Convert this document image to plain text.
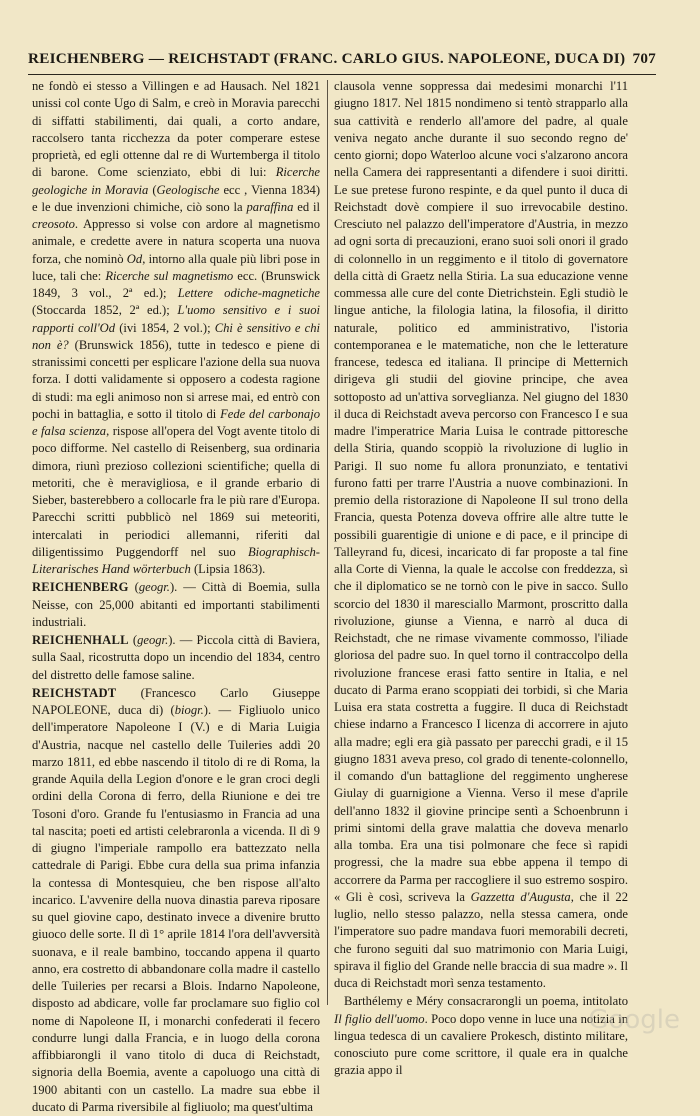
REICHENBERG — REICHSTADT (FRANC. CARLO GIUS. NAPOLEONE, DUCA DI) 707

ne fondò ei stesso a Villingen e ad Hausach. Nel 1821 unissi col conte Ugo di Salm, e creò in Moravia parecchi di siffatti stabilimenti, dai quali, a corto andare, raccolsero tanta ricchezza da poter comperare estese proprietà, ed egli ottenne dal re di Wurtemberga il titolo di barone. Come scienziato, ebbi di lui: Ricerche geologiche in Moravia (Geologische ecc , Vienna 1834) e le due invenzioni chimiche, ciò sono la paraffina ed il creosoto. Appresso si volse con ardore al magnetismo animale, e credette avere in natura scoperta una nuova forza, che nominò Od, intorno alla quale più libri pose in luce, tali che: Ricerche sul magnetismo ecc. (Brunswick 1849, 3 vol., 2ª ed.); Lettere odiche-magnetiche (Stoccarda 1852, 2ª ed.); L'uomo sensitivo e i suoi rapporti coll'Od (ivi 1854, 2 vol.); Chi è sensitivo e chi non è? (Brunswick 1856), tutte in tedesco e piene di stranissimi concetti per esplicare l'azione della sua nuova forza. I dotti validamente si opposero a codesta ragione di studi: ma egli animoso non si arrese mai, ed entrò con pochi in battaglia, e sotto il titolo di Fede del carbonajo e falsa scienza, rispose all'opera del Vogt avente titolo di poco difforme. Nel castello di Reisenberg, sua ordinaria dimora, riunì prezioso collezioni scientifiche; quella di metoriti, che è meravigliosa, e il grande erbario di Sieber, basterebbero a collocarle fra le più rare d'Europa. Parecchi scritti pubblicò nel 1869 sui meteoriti, intercalati in periodici allemanni, riferiti dal diligentissimo Puggendorff nel suo Biographisch-Literarisches Hand wörterbuch (Lipsia 1863).

REICHENBERG (geogr.). — Città di Boemia, sulla Neisse, con 25,000 abitanti ed importanti stabilimenti industriali.

REICHENHALL (geogr.). — Piccola città di Baviera, sulla Saal, ricostrutta dopo un incendio del 1834, centro del distretto delle famose saline.

REICHSTADT (Francesco Carlo Giuseppe NAPOLEONE, duca di) (biogr.). — Figliuolo unico dell'imperatore Napoleone I (V.) e di Maria Luigia d'Austria, nacque nel castello delle Tuileries addì 20 marzo 1811, ed ebbe nascendo il titolo di re di Roma, la grande Aquila della Legion d'onore e le gran croci degli ordini della Corona di ferro, della Riunione e dei tre Tosoni d'oro. Grande fu l'entusiasmo in Francia ad una tal nascita; poeti ed artisti celebraronla a vicenda. Il dì 9 di giugno l'imperiale rampollo era battezzato nella cattedrale di Parigi. Ebbe cura della sua prima infanzia la contessa di Montesquieu, che ben rispose all'alto incarico. L'avvenire della nuova dinastia pareva riposare su quel giovine capo, destinato invece a divenire brutto giuoco delle sorte. Il dì 1° aprile 1814 l'ora dell'avversità suonava, e il reale bambino, toccando appena il quarto anno, era costretto di abbandonare colla madre il castello delle Tuileries per recarsi a Blois. Indarno Napoleone, disposto ad abdicare, volle far proclamare suo figlio col nome di Napoleone II, i monarchi confederati il fecero condurre lungi dalla Francia, e in luogo della corona affibbiarongli il vano titolo di duca di Reichstadt, signoria della Boemia, avente a capoluogo una città di 1900 abitanti con un castello. La madre sua ebbe il ducato di Parma riversibile al figliuolo; ma quest'ultima

clausola venne soppressa dai medesimi monarchi l'11 giugno 1817. Nel 1815 nondimeno si tentò strapparlo alla sua cattività e renderlo all'amore del padre, al quale veniva negato anche durante il suo secondo regno de' cento giorni; dopo Waterloo alcune voci s'alzarono ancora nella Camera dei rappresentanti a difendere i suoi diritti. Le sue pretese furono respinte, e da quel punto il duca di Reichstadt dovè compiere il suo irrevocabile destino. Cresciuto nel palazzo dell'imperatore d'Austria, in mezzo ad ogni sorta di precauzioni, erano suoi soli onori il grado di colonnello in un reggimento e il titolo di governatore della città di Graetz nella Stiria. La sua educazione venne commessa alle cure del conte Dietrichstein. Egli studiò le lingue antiche, la filologia latina, la filosofia, il diritto naturale, politico ed amministrativo, l'istoria contemporanea e le matematiche, non che le letterature francese, tedesca ed italiana. Il principe di Metternich dirigeva gli studii del giovine principe, che avea sottoposto ad un'attiva sorveglianza. Nel giugno del 1830 il duca di Reichstadt aveva percorso con Francesco I e sua madre l'imperatrice Maria Luisa le contrade pittoresche della Stiria, quando scoppiò la rivoluzione di luglio in Parigi. Il suo nome fu allora pronunziato, e tentativi furono fatti per trarre l'Austria a nuove combinazioni. In premio della ristorazione di Napoleone II sul trono della Francia, questa Potenza doveva offrire alle altre tutte le possibili guarentigie di unione e di pace, e il principe di Talleyrand fu, dicesi, incaricato di far proposte a tal fine alla Corte di Vienna, la quale le accolse con freddezza, sì che il diplomatico se ne tornò con le pive in sacco. Sullo scorcio del 1830 il maresciallo Marmont, proscritto dalla rivoluzione, giunse a Vienna, e narrò al duca di Reichstadt, che ne rimase vivamente commosso, l'iliade gloriosa del padre suo. In quel torno il contraccolpo della rivoluzione francese erasi fatto sentire in Italia, e nel ducato di Parma erano scoppiati dei torbidi, sì che Maria Luisa era stata costretta a fuggire. Il duca di Reichstadt chiese indarno a Francesco I licenza di accorrere in ajuto alla madre; egli era già passato per parecchi gradi, e il 15 giugno 1831 aveva preso, col grado di tenente-colonnello, il comando d'un battaglione del reggimento ungherese Giulay di guarnigione a Vienna. Verso il mese d'aprile dell'anno 1832 il giovine principe sentì a Schoenbrunn i primi sintomi della grave malattia che doveva menarlo alla tomba. Era una tisi polmonare che fece sì rapidi progressi, che la madre sua ebbe appena il tempo di accorrere da Parma per raccogliere il suo estremo sospiro. « Gli è così, scriveva la Gazzetta d'Augusta, che il 22 luglio, nello stesso palazzo, nella stessa camera, onde l'imperatore suo padre mandava fuori memorabili decreti, che furono seguiti dal suo matrimonio con Maria Luigi, spirava il figlio del Grande nelle braccia di sua madre ». Il duca di Reichstadt morì senza testamento.

Barthélemy e Méry consacrarongli un poema, intitolato Il figlio dell'uomo. Poco dopo venne in luce una notizia in lingua tedesca di un cavaliere Prokesch, distinto militare, conosciuto pure come scrittore, il quale era in qualche grazia appo il

Google
